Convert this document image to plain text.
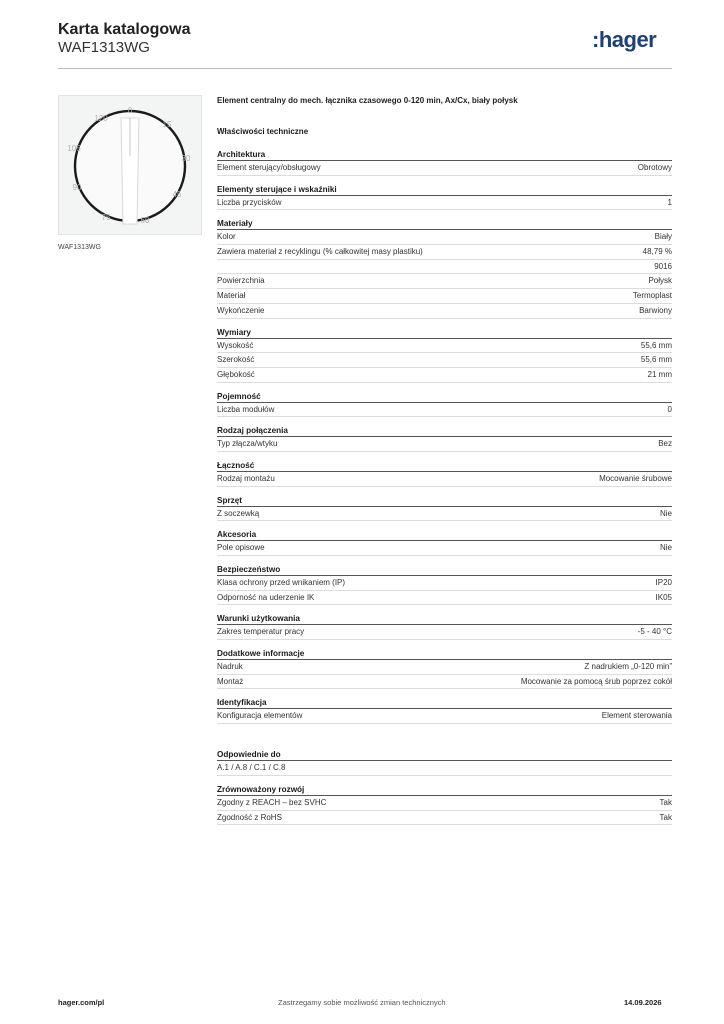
Karta katalogowa
WAF1313WG	:hager
0
15
30
45
60
75
90
105
120
WAF1313WG
Element centralny do mech. łącznika czasowego 0-120 min, Ax/Cx, biały połysk
Właściwości techniczne
Architektura
Element sterujący/obsługowy	Obrotowy
Elementy sterujące i wskaźniki
Liczba przycisków	1
Materiały
Kolor	Biały
Zawiera materiał z recyklingu (% całkowitej masy plastiku)	48,79 %
9016
Powierzchnia	Połysk
Materiał	Termoplast
Wykończenie	Barwiony
Wymiary
Wysokość	55,6 mm
Szerokość	55,6 mm
Głębokość	21 mm
Pojemność
Liczba modułów	0
Rodzaj połączenia
Typ złącza/wtyku	Bez
Łączność
Rodzaj montażu	Mocowanie śrubowe
Sprzęt
Z soczewką	Nie
Akcesoria
Pole opisowe	Nie
Bezpieczeństwo
Klasa ochrony przed wnikaniem (IP)	IP20
Odporność na uderzenie IK	IK05
Warunki użytkowania
Zakres temperatur pracy	-5 - 40 °C
Dodatkowe informacje
Nadruk	Z nadrukiem „0-120 min”
Montaż	Mocowanie za pomocą śrub poprzez cokół
Identyfikacja
Konfiguracja elementów	Element sterowania
Odpowiednie do
A.1 / A.8 / C.1 / C.8
Zrównoważony rozwój
Zgodny z REACH – bez SVHC	Tak
Zgodność z RoHS	Tak
hager.com/pl	Zastrzegamy sobie możliwość zmian technicznych	14.09.2026
